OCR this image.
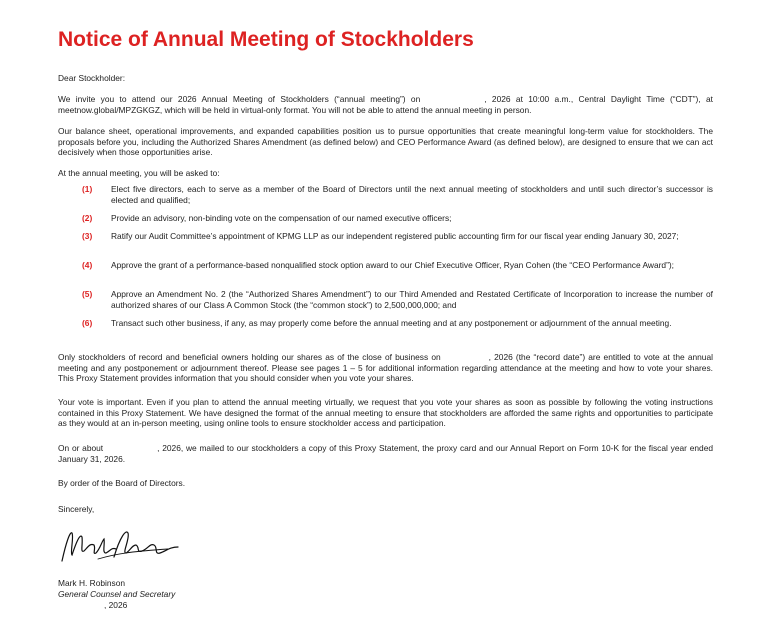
Notice of Annual Meeting of Stockholders

Dear Stockholder:

We invite you to attend our 2026 Annual Meeting of Stockholders (“annual meeting”) on	, 2026 at 10:00 a.m., Central Daylight Time (“CDT”), at meetnow.global/MPZGKGZ, which will be held in virtual-only format. You will not be able to attend the annual meeting in person.

Our balance sheet, operational improvements, and expanded capabilities position us to pursue opportunities that create meaningful long-term value for stockholders. The proposals before you, including the Authorized Shares Amendment (as defined below) and CEO Performance Award (as defined below), are designed to ensure that we can act decisively when those opportunities arise.

At the annual meeting, you will be asked to:

(1)	Elect five directors, each to serve as a member of the Board of Directors until the next annual meeting of stockholders and until such director’s successor is elected and qualified;
(2)	Provide an advisory, non-binding vote on the compensation of our named executive officers;
(3)	Ratify our Audit Committee’s appointment of KPMG LLP as our independent registered public accounting firm for our fiscal year ending January 30, 2027;
(4)	Approve the grant of a performance-based nonqualified stock option award to our Chief Executive Officer, Ryan Cohen (the “CEO Performance Award”);
(5)	Approve an Amendment No. 2 (the “Authorized Shares Amendment”) to our Third Amended and Restated Certificate of Incorporation to increase the number of authorized shares of our Class A Common Stock (the “common stock”) to 2,500,000,000; and
(6)	Transact such other business, if any, as may properly come before the annual meeting and at any postponement or adjournment of the annual meeting.

Only stockholders of record and beneficial owners holding our shares as of the close of business on	, 2026 (the “record date”) are entitled to vote at the annual meeting and any postponement or adjournment thereof. Please see pages 1 – 5 for additional information regarding attendance at the meeting and how to vote your shares. This Proxy Statement provides information that you should consider when you vote your shares.

Your vote is important. Even if you plan to attend the annual meeting virtually, we request that you vote your shares as soon as possible by following the voting instructions contained in this Proxy Statement. We have designed the format of the annual meeting to ensure that stockholders are afforded the same rights and opportunities to participate as they would at an in-person meeting, using online tools to ensure stockholder access and participation.

On or about	, 2026, we mailed to our stockholders a copy of this Proxy Statement, the proxy card and our Annual Report on Form 10-K for the fiscal year ended January 31, 2026.

By order of the Board of Directors.

Sincerely,

Mark H. Robinson

General Counsel and Secretary

, 2026
